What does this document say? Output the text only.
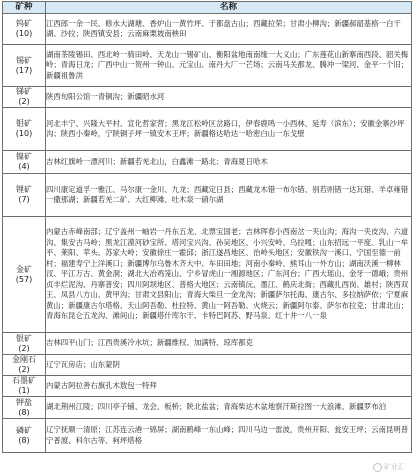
矿种	名称

钨矿
(10)	江西郎一余一民、修水大湖塘、香炉山一黄竹坪、于都盘古山；西藏拉荣；甘肃小柳沟；新疆郝韶基格一白干湖、沙拉；陕西镇安县；云南麻栗坡南秧田

锡矿
(17)	湖南茶陵锡田、西北岭一骑田岭、天龙山一锡矿山、衡阳盆地南南缘一大义山；广东莲花山新寨南西段、韶关梅岭；青海日龙；广西中山一贺州一钟山、元宝山、南丹大厂一芒场；云南马关都龙、腾冲一梁河、金平一个旧；新疆祖鲁洪

锑矿
(2)	陕西旬阳公馆一青铜沟；新疆昭水河

钼矿
(10)	河北丰宁、兴隆大平村、宣化哲家营；黑龙江松岭区岔路口，伊春鹿鸣一小西林、延寿（滨东）；安徽金寨沙坪沟；陕西小秦岭，宁陕铜子坪一镇安木王坪；新疆格达哈达一哈密白山一东戈壁

镍矿
(4)	吉林红旗岭一漂河川；新疆若羌北山，白鑫滩一路北；青海夏日哈木

锂矿
(7)	四川康定道孚一雅江、马尔康一金川、九龙；西藏定日县；西藏龙木错一布尔错、别若则错一达瓦错、羊卓雍错一撒那湖；新疆若羌二矿、大红柳滩、吐木泉一硝尔湖

金矿
(57)	内蒙古赤峰南部；辽宁盖州一岫岩一丹东五龙、北票宝国老；吉林珲春小西南岔一夹山沟；海沟一夹皮沟、六道沟、集安古马岭；黑龙江漠河砂宝所、塔河宝兴沟、孙吴地区、小兴安岭、乌拉嘎；山东招远一平度、乳山一牟平、莱阳、苹头、苏家大岭；安徽徐庄一霍邱；浙江遂昌地区、治岭头地区；安徽铁沟一溪口、宁国至德一前村；福建寿宁上洋溪口；新疆博尔乌鲁木齐大中、车田田地；河南小秦岭、熊耳山一外方山；湖南沃溪一柳林汊、平江万古、黄金洞；湖北大冶鸡笼山、宁乡冒虎山一湘源地区；广东河台；广西大瑶山、金牙一德峨；贵州贞丰烂泥沟、丹寨普安；四川阿坝地区、普格大地区；云南镇沅、墨江、鹤庆北衙；西藏扎西岗、雄村；陕西双王、凤县八方山、黄甲沟；甘肃文县阳山；青海大柴旦一金龙沟；新疆萨尔托海、康古尔、多拉纳萨依；宁夏麻黄山；新疆康古尔塔格、天山阿吾勒、杜拉特、黄山一阿吾勒、火烧云；新疆阿尔泰、萨尔布拉克；甘肃北山；青海东昆仑五龙沟、滩间山；新疆塔什库尔干、卡特巴阿苏、野马泉、红十井一八一泉

银矿
(2)	吉林四平山门；江西贵溪冷水坑；新疆维权、加满特、琼库都克

金刚石
(2)	辽宁瓦房店；山东蒙阴

石墨矿
(1)	内蒙古阿拉善右旗孔木敖包一特拜

钾盐
(8)	湖北荆州江陵；四川亭子铺、龙会、板桥；陕北盐盆；青海柴达木盆地察汗斯拉图一大浪滩、新疆罗布泊

磷矿
(8)	辽宁抚顺一清原；江苏连云港一锦屏；湖南鹤峰一东山峰；四川马边一雷波，贵州开阳、瓮安王坪；云南昆明普宁普渡、科尔古等、柯坪塔格
矿业汇
